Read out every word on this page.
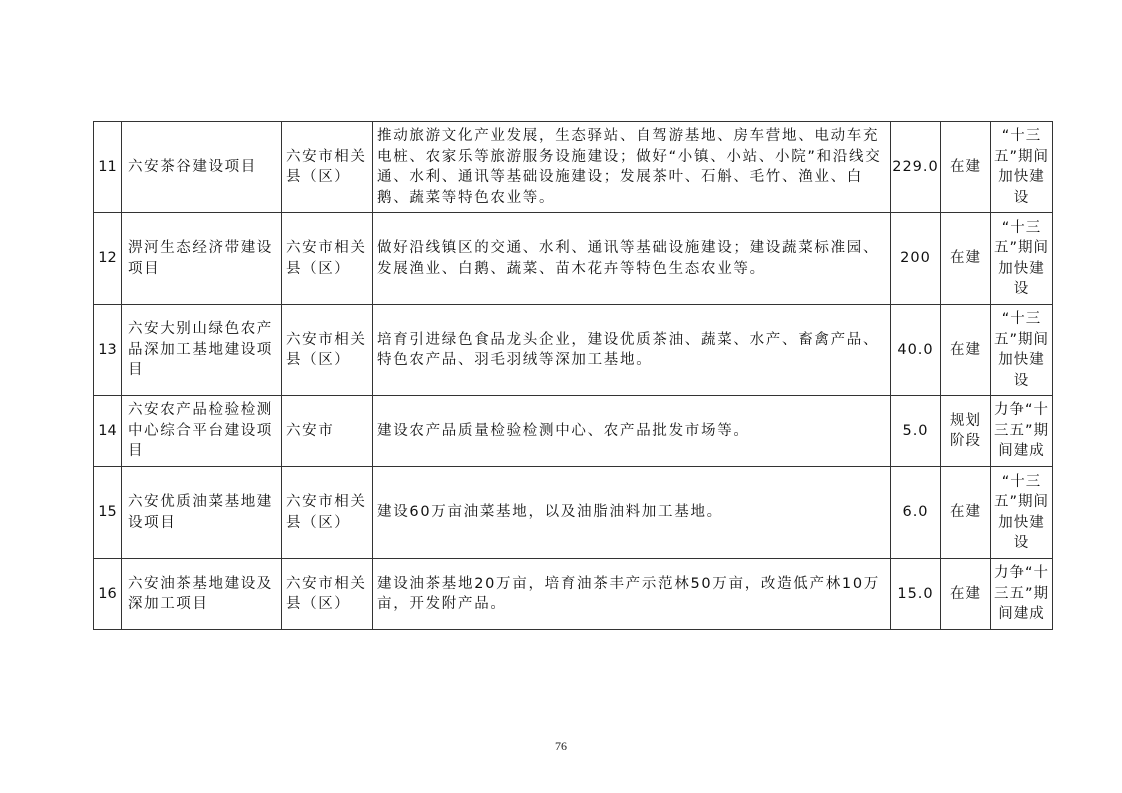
11	六安茶谷建设项目	六安市相关县（区）	推动旅游文化产业发展，生态驿站、自驾游基地、房车营地、电动车充电桩、农家乐等旅游服务设施建设；做好“小镇、小站、小院”和沿线交通、水利、通讯等基础设施建设；发展茶叶、石斛、毛竹、渔业、白鹅、蔬菜等特色农业等。	229.0	在建	“十三五”期间加快建设

12	淠河生态经济带建设项目	六安市相关县（区）	做好沿线镇区的交通、水利、通讯等基础设施建设；建设蔬菜标准园、发展渔业、白鹅、蔬菜、苗木花卉等特色生态农业等。	200	在建	“十三五”期间加快建设

13	六安大别山绿色农产品深加工基地建设项目	六安市相关县（区）	培育引进绿色食品龙头企业，建设优质茶油、蔬菜、水产、畜禽产品、特色农产品、羽毛羽绒等深加工基地。	40.0	在建	“十三五”期间加快建设

14	六安农产品检验检测中心综合平台建设项目	六安市	建设农产品质量检验检测中心、农产品批发市场等。	5.0	规划阶段	力争“十三五”期间建成

15	六安优质油菜基地建设项目	六安市相关县（区）	建设60万亩油菜基地，以及油脂油料加工基地。	6.0	在建	“十三五”期间加快建设

16	六安油茶基地建设及深加工项目	六安市相关县（区）	建设油茶基地20万亩，培育油茶丰产示范林50万亩，改造低产林10万亩，开发附产品。	15.0	在建	力争“十三五”期间建成
76
